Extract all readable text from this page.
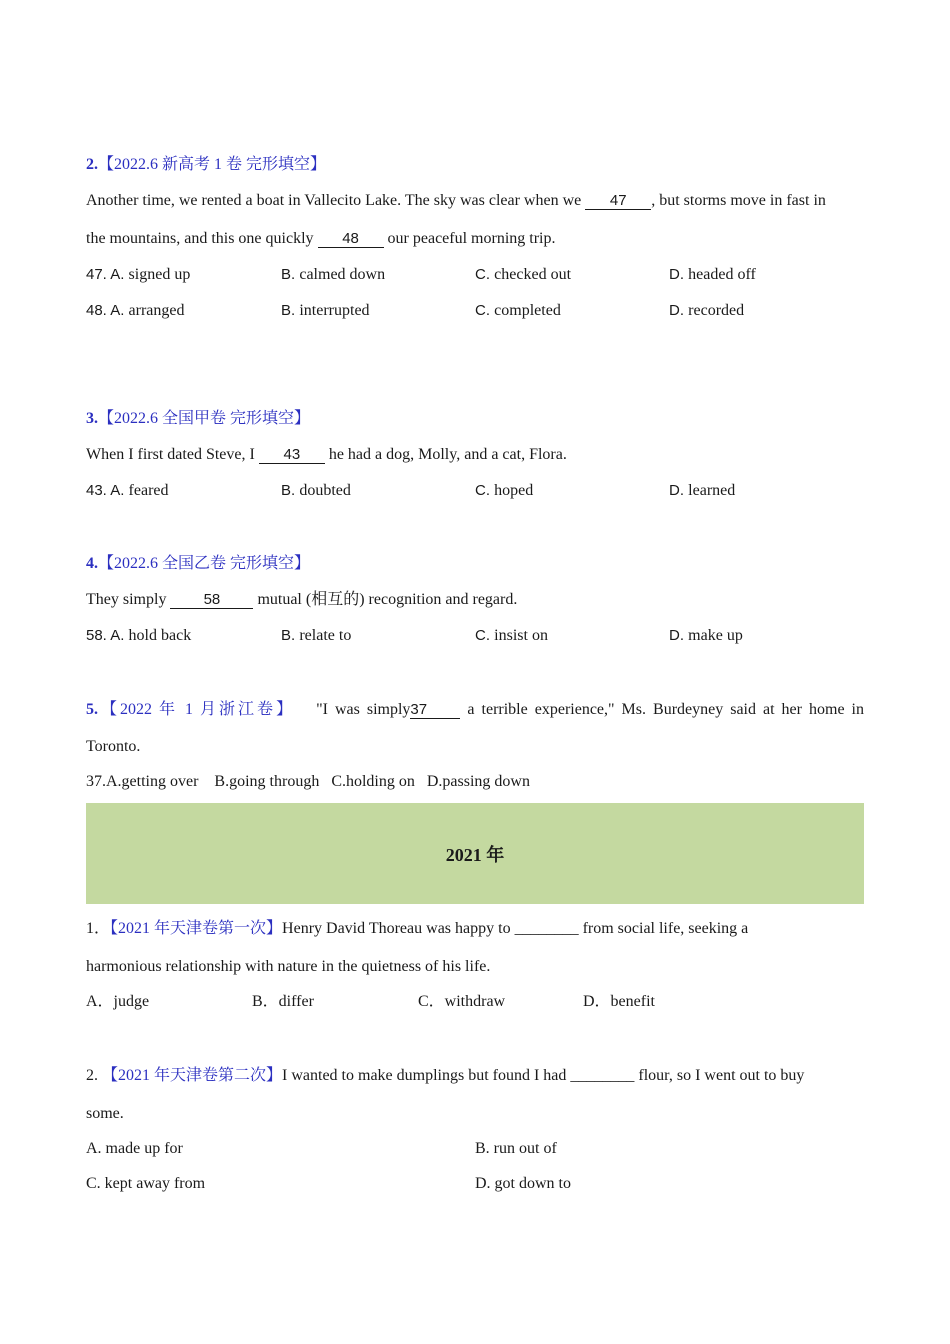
2.【2022.6 新高考 1 卷 完形填空】
Another time, we rented a boat in Vallecito Lake. The sky was clear when we 47 , but storms move in fast in
the mountains, and this one quickly 48 our peaceful morning trip.
47. A. signed up	B. calmed down	C. checked out	D. headed off
48. A. arranged	B. interrupted	C. completed	D. recorded
3.【2022.6 全国甲卷 完形填空】
When I first dated Steve, I 43 he had a dog, Molly, and a cat, Flora.
43. A. feared	B. doubted	C. hoped	D. learned
4.【2022.6 全国乙卷 完形填空】
They simply 58 mutual (相互的) recognition and regard.
58. A. hold back	B. relate to	C. insist on	D. make up
5.【2022 年 1 月浙江卷】 "I was simply37 a terrible experience," Ms. Burdeyney said at her home in
Toronto.
37.A.getting over    B.going through   C.holding on   D.passing down
2021 年
1．【2021 年天津卷第一次】Henry David Thoreau was happy to ________ from social life, seeking a
harmonious relationship with nature in the quietness of his life.
A．judge	B．differ	C．withdraw	D．benefit
2. 【2021 年天津卷第二次】I wanted to make dumplings but found I had ________ flour, so I went out to buy
some.
A. made up for	B. run out of
C. kept away from	D. got down to
